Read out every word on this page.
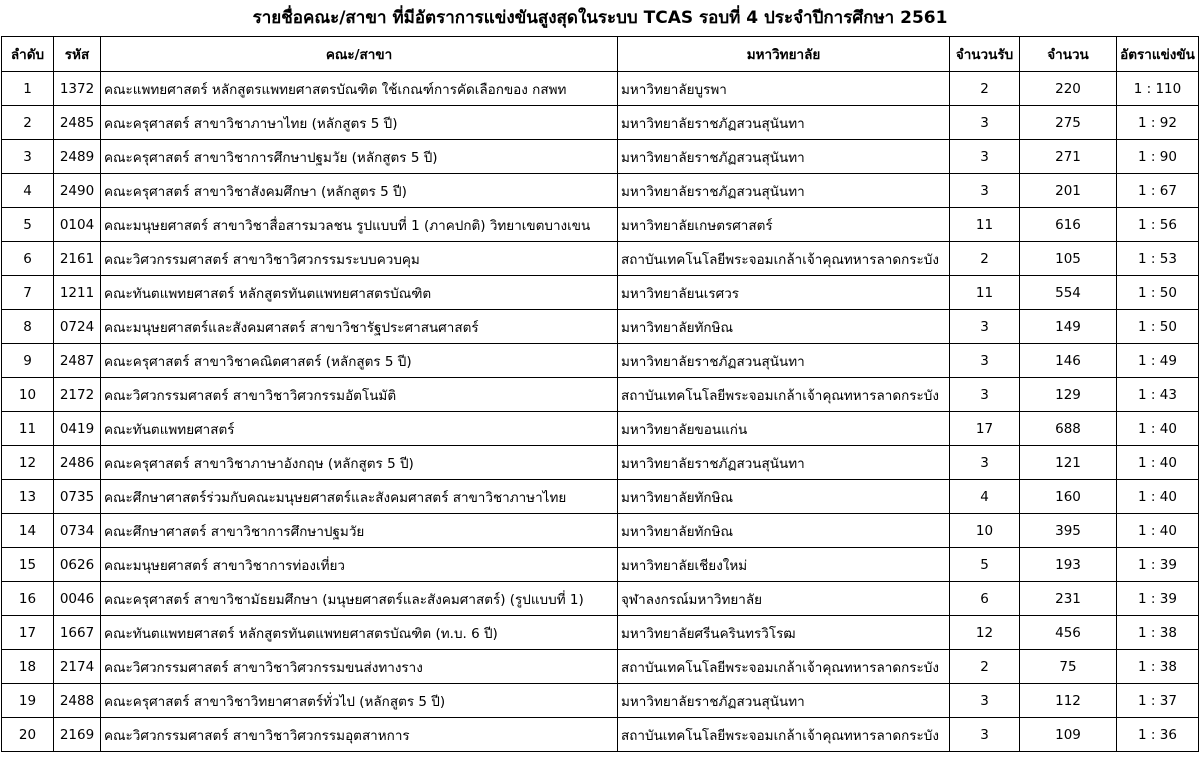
รายชื่อคณะ/สาขา ที่มีอัตราการแข่งขันสูงสุดในระบบ TCAS รอบที่ 4 ประจำปีการศึกษา 2561
ลำดับ	รหัส	คณะ/สาขา	มหาวิทยาลัย	จำนวนรับ	จำนวน	อัตราแข่งขัน
1	1372	คณะแพทยศาสตร์ หลักสูตรแพทยศาสตรบัณฑิต ใช้เกณฑ์การคัดเลือกของ กสพท	มหาวิทยาลัยบูรพา	2	220	1 : 110
2	2485	คณะครุศาสตร์ สาขาวิชาภาษาไทย (หลักสูตร 5 ปี)	มหาวิทยาลัยราชภัฏสวนสุนันทา	3	275	1 : 92
3	2489	คณะครุศาสตร์ สาขาวิชาการศึกษาปฐมวัย (หลักสูตร 5 ปี)	มหาวิทยาลัยราชภัฏสวนสุนันทา	3	271	1 : 90
4	2490	คณะครุศาสตร์ สาขาวิชาสังคมศึกษา (หลักสูตร 5 ปี)	มหาวิทยาลัยราชภัฏสวนสุนันทา	3	201	1 : 67
5	0104	คณะมนุษยศาสตร์ สาขาวิชาสื่อสารมวลชน รูปแบบที่ 1 (ภาคปกติ) วิทยาเขตบางเขน	มหาวิทยาลัยเกษตรศาสตร์	11	616	1 : 56
6	2161	คณะวิศวกรรมศาสตร์ สาขาวิชาวิศวกรรมระบบควบคุม	สถาบันเทคโนโลยีพระจอมเกล้าเจ้าคุณทหารลาดกระบัง	2	105	1 : 53
7	1211	คณะทันตแพทยศาสตร์ หลักสูตรทันตแพทยศาสตรบัณฑิต	มหาวิทยาลัยนเรศวร	11	554	1 : 50
8	0724	คณะมนุษยศาสตร์และสังคมศาสตร์ สาขาวิชารัฐประศาสนศาสตร์	มหาวิทยาลัยทักษิณ	3	149	1 : 50
9	2487	คณะครุศาสตร์ สาขาวิชาคณิตศาสตร์ (หลักสูตร 5 ปี)	มหาวิทยาลัยราชภัฏสวนสุนันทา	3	146	1 : 49
10	2172	คณะวิศวกรรมศาสตร์ สาขาวิชาวิศวกรรมอัตโนมัติ	สถาบันเทคโนโลยีพระจอมเกล้าเจ้าคุณทหารลาดกระบัง	3	129	1 : 43
11	0419	คณะทันตแพทยศาสตร์	มหาวิทยาลัยขอนแก่น	17	688	1 : 40
12	2486	คณะครุศาสตร์ สาขาวิชาภาษาอังกฤษ (หลักสูตร 5 ปี)	มหาวิทยาลัยราชภัฏสวนสุนันทา	3	121	1 : 40
13	0735	คณะศึกษาศาสตร์ร่วมกับคณะมนุษยศาสตร์และสังคมศาสตร์ สาขาวิชาภาษาไทย	มหาวิทยาลัยทักษิณ	4	160	1 : 40
14	0734	คณะศึกษาศาสตร์ สาขาวิชาการศึกษาปฐมวัย	มหาวิทยาลัยทักษิณ	10	395	1 : 40
15	0626	คณะมนุษยศาสตร์ สาขาวิชาการท่องเที่ยว	มหาวิทยาลัยเชียงใหม่	5	193	1 : 39
16	0046	คณะครุศาสตร์ สาขาวิชามัธยมศึกษา (มนุษยศาสตร์และสังคมศาสตร์) (รูปแบบที่ 1)	จุฬาลงกรณ์มหาวิทยาลัย	6	231	1 : 39
17	1667	คณะทันตแพทยศาสตร์ หลักสูตรทันตแพทยศาสตรบัณฑิต (ท.บ. 6 ปี)	มหาวิทยาลัยศรีนครินทรวิโรฒ	12	456	1 : 38
18	2174	คณะวิศวกรรมศาสตร์ สาขาวิชาวิศวกรรมขนส่งทางราง	สถาบันเทคโนโลยีพระจอมเกล้าเจ้าคุณทหารลาดกระบัง	2	75	1 : 38
19	2488	คณะครุศาสตร์ สาขาวิชาวิทยาศาสตร์ทั่วไป (หลักสูตร 5 ปี)	มหาวิทยาลัยราชภัฏสวนสุนันทา	3	112	1 : 37
20	2169	คณะวิศวกรรมศาสตร์ สาขาวิชาวิศวกรรมอุตสาหการ	สถาบันเทคโนโลยีพระจอมเกล้าเจ้าคุณทหารลาดกระบัง	3	109	1 : 36
